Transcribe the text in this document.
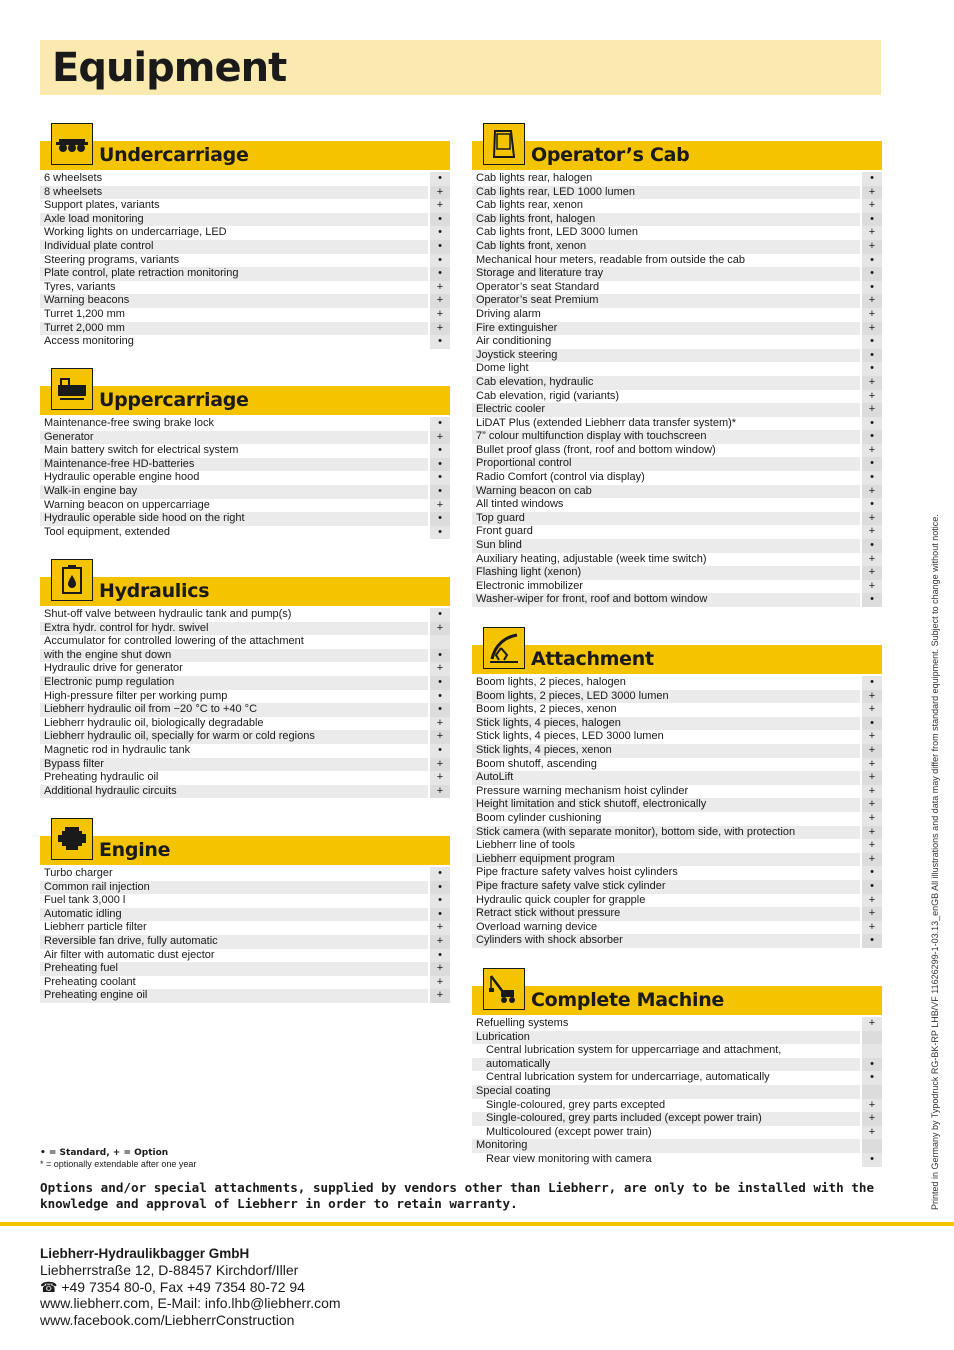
Equipment
Undercarriage
6 wheelsets	•
8 wheelsets	+
Support plates, variants	+
Axle load monitoring	•
Working lights on undercarriage, LED	•
Individual plate control	•
Steering programs, variants	•
Plate control, plate retraction monitoring	•
Tyres, variants	+
Warning beacons	+
Turret 1,200 mm	+
Turret 2,000 mm	+
Access monitoring	•
Uppercarriage
Maintenance-free swing brake lock	•
Generator	+
Main battery switch for electrical system	•
Maintenance-free HD-batteries	•
Hydraulic operable engine hood	•
Walk-in engine bay	•
Warning beacon on uppercarriage	+
Hydraulic operable side hood on the right	•
Tool equipment, extended	•
Hydraulics
Shut-off valve between hydraulic tank and pump(s)	•
Extra hydr. control for hydr. swivel	+
Accumulator for controlled lowering of the attachment
with the engine shut down	•
Hydraulic drive for generator	+
Electronic pump regulation	•
High-pressure filter per working pump	•
Liebherr hydraulic oil from −20 °C to +40 °C	•
Liebherr hydraulic oil, biologically degradable	+
Liebherr hydraulic oil, specially for warm or cold regions	+
Magnetic rod in hydraulic tank	•
Bypass filter	+
Preheating hydraulic oil	+
Additional hydraulic circuits	+
Engine
Turbo charger	•
Common rail injection	•
Fuel tank 3,000 l	•
Automatic idling	•
Liebherr particle filter	+
Reversible fan drive, fully automatic	+
Air filter with automatic dust ejector	•
Preheating fuel	+
Preheating coolant	+
Preheating engine oil	+
Operator’s Cab
Cab lights rear, halogen	•
Cab lights rear, LED 1000 lumen	+
Cab lights rear, xenon	+
Cab lights front, halogen	•
Cab lights front, LED 3000 lumen	+
Cab lights front, xenon	+
Mechanical hour meters, readable from outside the cab	•
Storage and literature tray	•
Operator’s seat Standard	•
Operator’s seat Premium	+
Driving alarm	+
Fire extinguisher	+
Air conditioning	•
Joystick steering	•
Dome light	•
Cab elevation, hydraulic	+
Cab elevation, rigid (variants)	+
Electric cooler	+
LiDAT Plus (extended Liebherr data transfer system)*	•
7” colour multifunction display with touchscreen	•
Bullet proof glass (front, roof and bottom window)	+
Proportional control	•
Radio Comfort (control via display)	•
Warning beacon on cab	+
All tinted windows	•
Top guard	+
Front guard	+
Sun blind	•
Auxiliary heating, adjustable (week time switch)	+
Flashing light (xenon)	+
Electronic immobilizer	+
Washer-wiper for front, roof and bottom window	•
Attachment
Boom lights, 2 pieces, halogen	•
Boom lights, 2 pieces, LED 3000 lumen	+
Boom lights, 2 pieces, xenon	+
Stick lights, 4 pieces, halogen	•
Stick lights, 4 pieces, LED 3000 lumen	+
Stick lights, 4 pieces, xenon	+
Boom shutoff, ascending	+
AutoLift	+
Pressure warning mechanism hoist cylinder	+
Height limitation and stick shutoff, electronically	+
Boom cylinder cushioning	+
Stick camera (with separate monitor), bottom side, with protection	+
Liebherr line of tools	+
Liebherr equipment program	+
Pipe fracture safety valves hoist cylinders	•
Pipe fracture safety valve stick cylinder	•
Hydraulic quick coupler for grapple	+
Retract stick without pressure	+
Overload warning device	+
Cylinders with shock absorber	•
Complete Machine
Refuelling systems	+
Lubrication
Central lubrication system for uppercarriage and attachment,
automatically	•
Central lubrication system for undercarriage, automatically	•
Special coating
Single-coloured, grey parts excepted	+
Single-coloured, grey parts included (except power train)	+
Multicoloured (except power train)	+
Monitoring
Rear view monitoring with camera	•
• = Standard, + = Option
* = optionally extendable after one year
Options and/or special attachments, supplied by vendors other than Liebherr, are only to be installed with the knowledge and approval of Liebherr in order to retain warranty.
Liebherr-Hydraulikbagger GmbH
Liebherrstraße 12, D-88457 Kirchdorf/Iller
☎ +49 7354 80-0, Fax +49 7354 80-72 94
www.liebherr.com, E-Mail: info.lhb@liebherr.com
www.facebook.com/LiebherrConstruction
Printed in Germany by Typodruck RG-BK-RP LHB/VF 11626299-1-03.13_enGB All illustrations and data may differ from standard equipment. Subject to change without notice.
